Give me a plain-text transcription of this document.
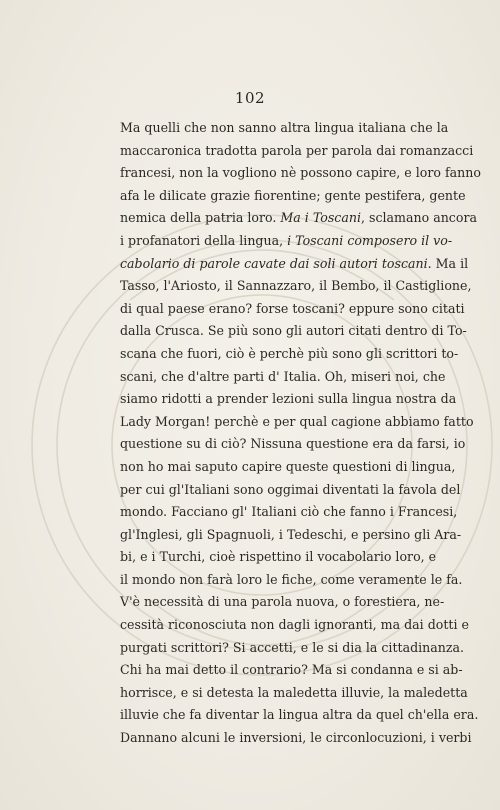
102
Ma quelli che non sanno altra lingua italiana che la
maccaronica tradotta parola per parola dai romanzacci
francesi, non la vogliono nè possono capire, e loro fanno
afa le dilicate grazie fiorentine; gente pestifera, gente
nemica della patria loro. Ma i Toscani, sclamano ancora
i profanatori della lingua, i Toscani composero il vo-
cabolario di parole cavate dai soli autori toscani. Ma il
Tasso, l'Ariosto, il Sannazzaro, il Bembo, il Castiglione,
di qual paese erano? forse toscani? eppure sono citati
dalla Crusca. Se più sono gli autori citati dentro di To-
scana che fuori, ciò è perchè più sono gli scrittori to-
scani, che d'altre parti d' Italia. Oh, miseri noi, che
siamo ridotti a prender lezioni sulla lingua nostra da
Lady Morgan! perchè e per qual cagione abbiamo fatto
questione su di ciò? Nissuna questione era da farsi, io
non ho mai saputo capire queste questioni di lingua,
per cui gl'Italiani sono oggimai diventati la favola del
mondo. Facciano gl' Italiani ciò che fanno i Francesi,
gl'Inglesi, gli Spagnuoli, i Tedeschi, e persino gli Ara-
bi, e i Turchi, cioè rispettino il vocabolario loro, e
il mondo non farà loro le fiche, come veramente le fa.
V'è necessità di una parola nuova, o forestiera, ne-
cessità riconosciuta non dagli ignoranti, ma dai dotti e
purgati scrittori? Si accetti, e le si dia la cittadinanza.
Chi ha mai detto il contrario? Ma si condanna e si ab-
horrisce, e si detesta la maledetta illuvie, la maledetta
illuvie che fa diventar la lingua altra da quel ch'ella era.
Dannano alcuni le inversioni, le circonlocuzioni, i verbi
